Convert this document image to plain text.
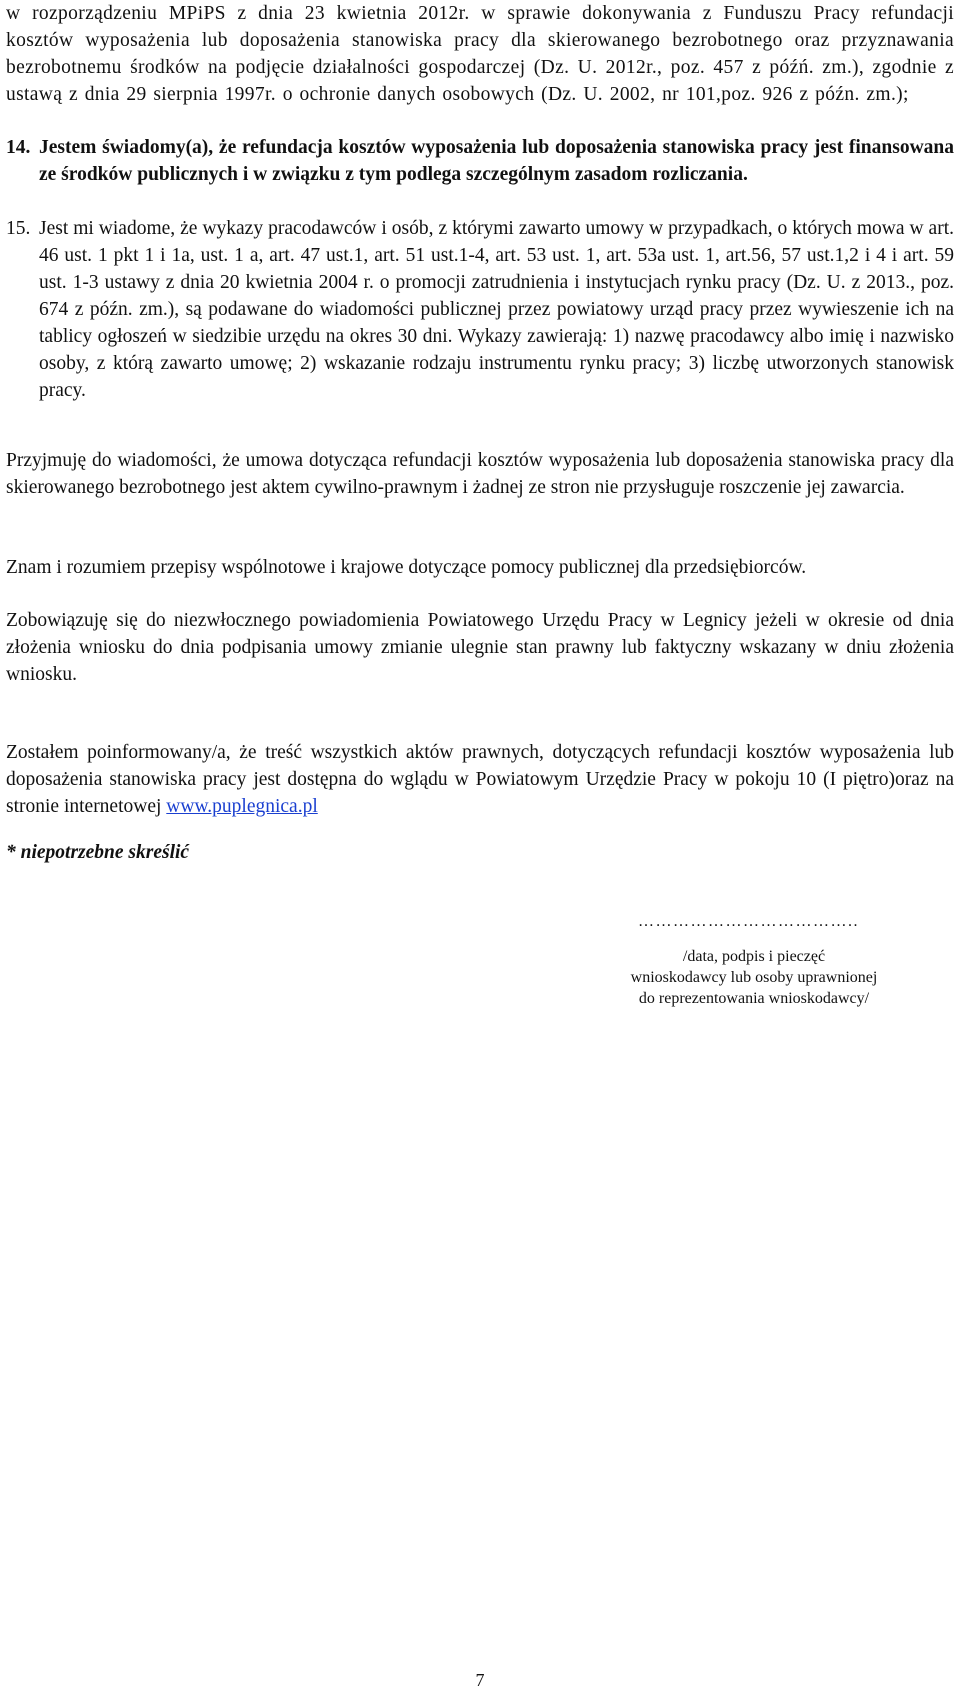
w rozporządzeniu MPiPS z dnia 23 kwietnia 2012r. w sprawie dokonywania z Funduszu Pracy refundacji kosztów wyposażenia lub doposażenia stanowiska pracy dla skierowanego bezrobotnego oraz przyznawania bezrobotnemu środków na podjęcie działalności gospodarczej (Dz. U. 2012r., poz. 457 z późń. zm.), zgodnie z ustawą z dnia 29 sierpnia 1997r. o ochronie danych osobowych (Dz. U. 2002, nr 101,poz. 926 z późn. zm.);

14. Jestem świadomy(a), że refundacja kosztów wyposażenia lub doposażenia stanowiska pracy jest finansowana ze środków publicznych i w związku z tym podlega szczególnym zasadom rozliczania.

15. Jest mi wiadome, że wykazy pracodawców i osób, z którymi zawarto umowy w przypadkach, o których mowa w art. 46 ust. 1 pkt 1 i 1a, ust. 1 a, art. 47 ust.1, art. 51 ust.1-4, art. 53 ust. 1, art. 53a ust. 1, art.56, 57 ust.1,2 i 4 i art. 59 ust. 1-3 ustawy z dnia 20 kwietnia 2004 r. o promocji zatrudnienia i instytucjach rynku pracy (Dz. U. z 2013., poz. 674 z późn. zm.), są podawane do wiadomości publicznej przez powiatowy urząd pracy przez wywieszenie ich na tablicy ogłoszeń w siedzibie urzędu na okres 30 dni. Wykazy zawierają: 1) nazwę pracodawcy albo imię i nazwisko osoby, z którą zawarto umowę; 2) wskazanie rodzaju instrumentu rynku pracy; 3) liczbę utworzonych stanowisk pracy.

Przyjmuję do wiadomości, że umowa dotycząca refundacji kosztów wyposażenia lub doposażenia stanowiska pracy dla skierowanego bezrobotnego jest aktem cywilno-prawnym i żadnej ze stron nie przysługuje roszczenie jej zawarcia.

Znam i rozumiem przepisy wspólnotowe i krajowe dotyczące pomocy publicznej dla przedsiębiorców.

Zobowiązuję się do niezwłocznego powiadomienia Powiatowego Urzędu Pracy w Legnicy jeżeli w okresie od dnia złożenia wniosku do dnia podpisania umowy zmianie ulegnie stan prawny lub faktyczny wskazany w dniu złożenia wniosku.

Zostałem poinformowany/a, że treść wszystkich aktów prawnych, dotyczących refundacji kosztów wyposażenia lub doposażenia stanowiska pracy jest dostępna do wglądu w Powiatowym Urzędzie Pracy w pokoju 10 (I piętro)oraz na stronie internetowej www.puplegnica.pl

* niepotrzebne skreślić

………………………………..
/data, podpis i pieczęć
wnioskodawcy lub osoby uprawnionej
do reprezentowania wnioskodawcy/
7
